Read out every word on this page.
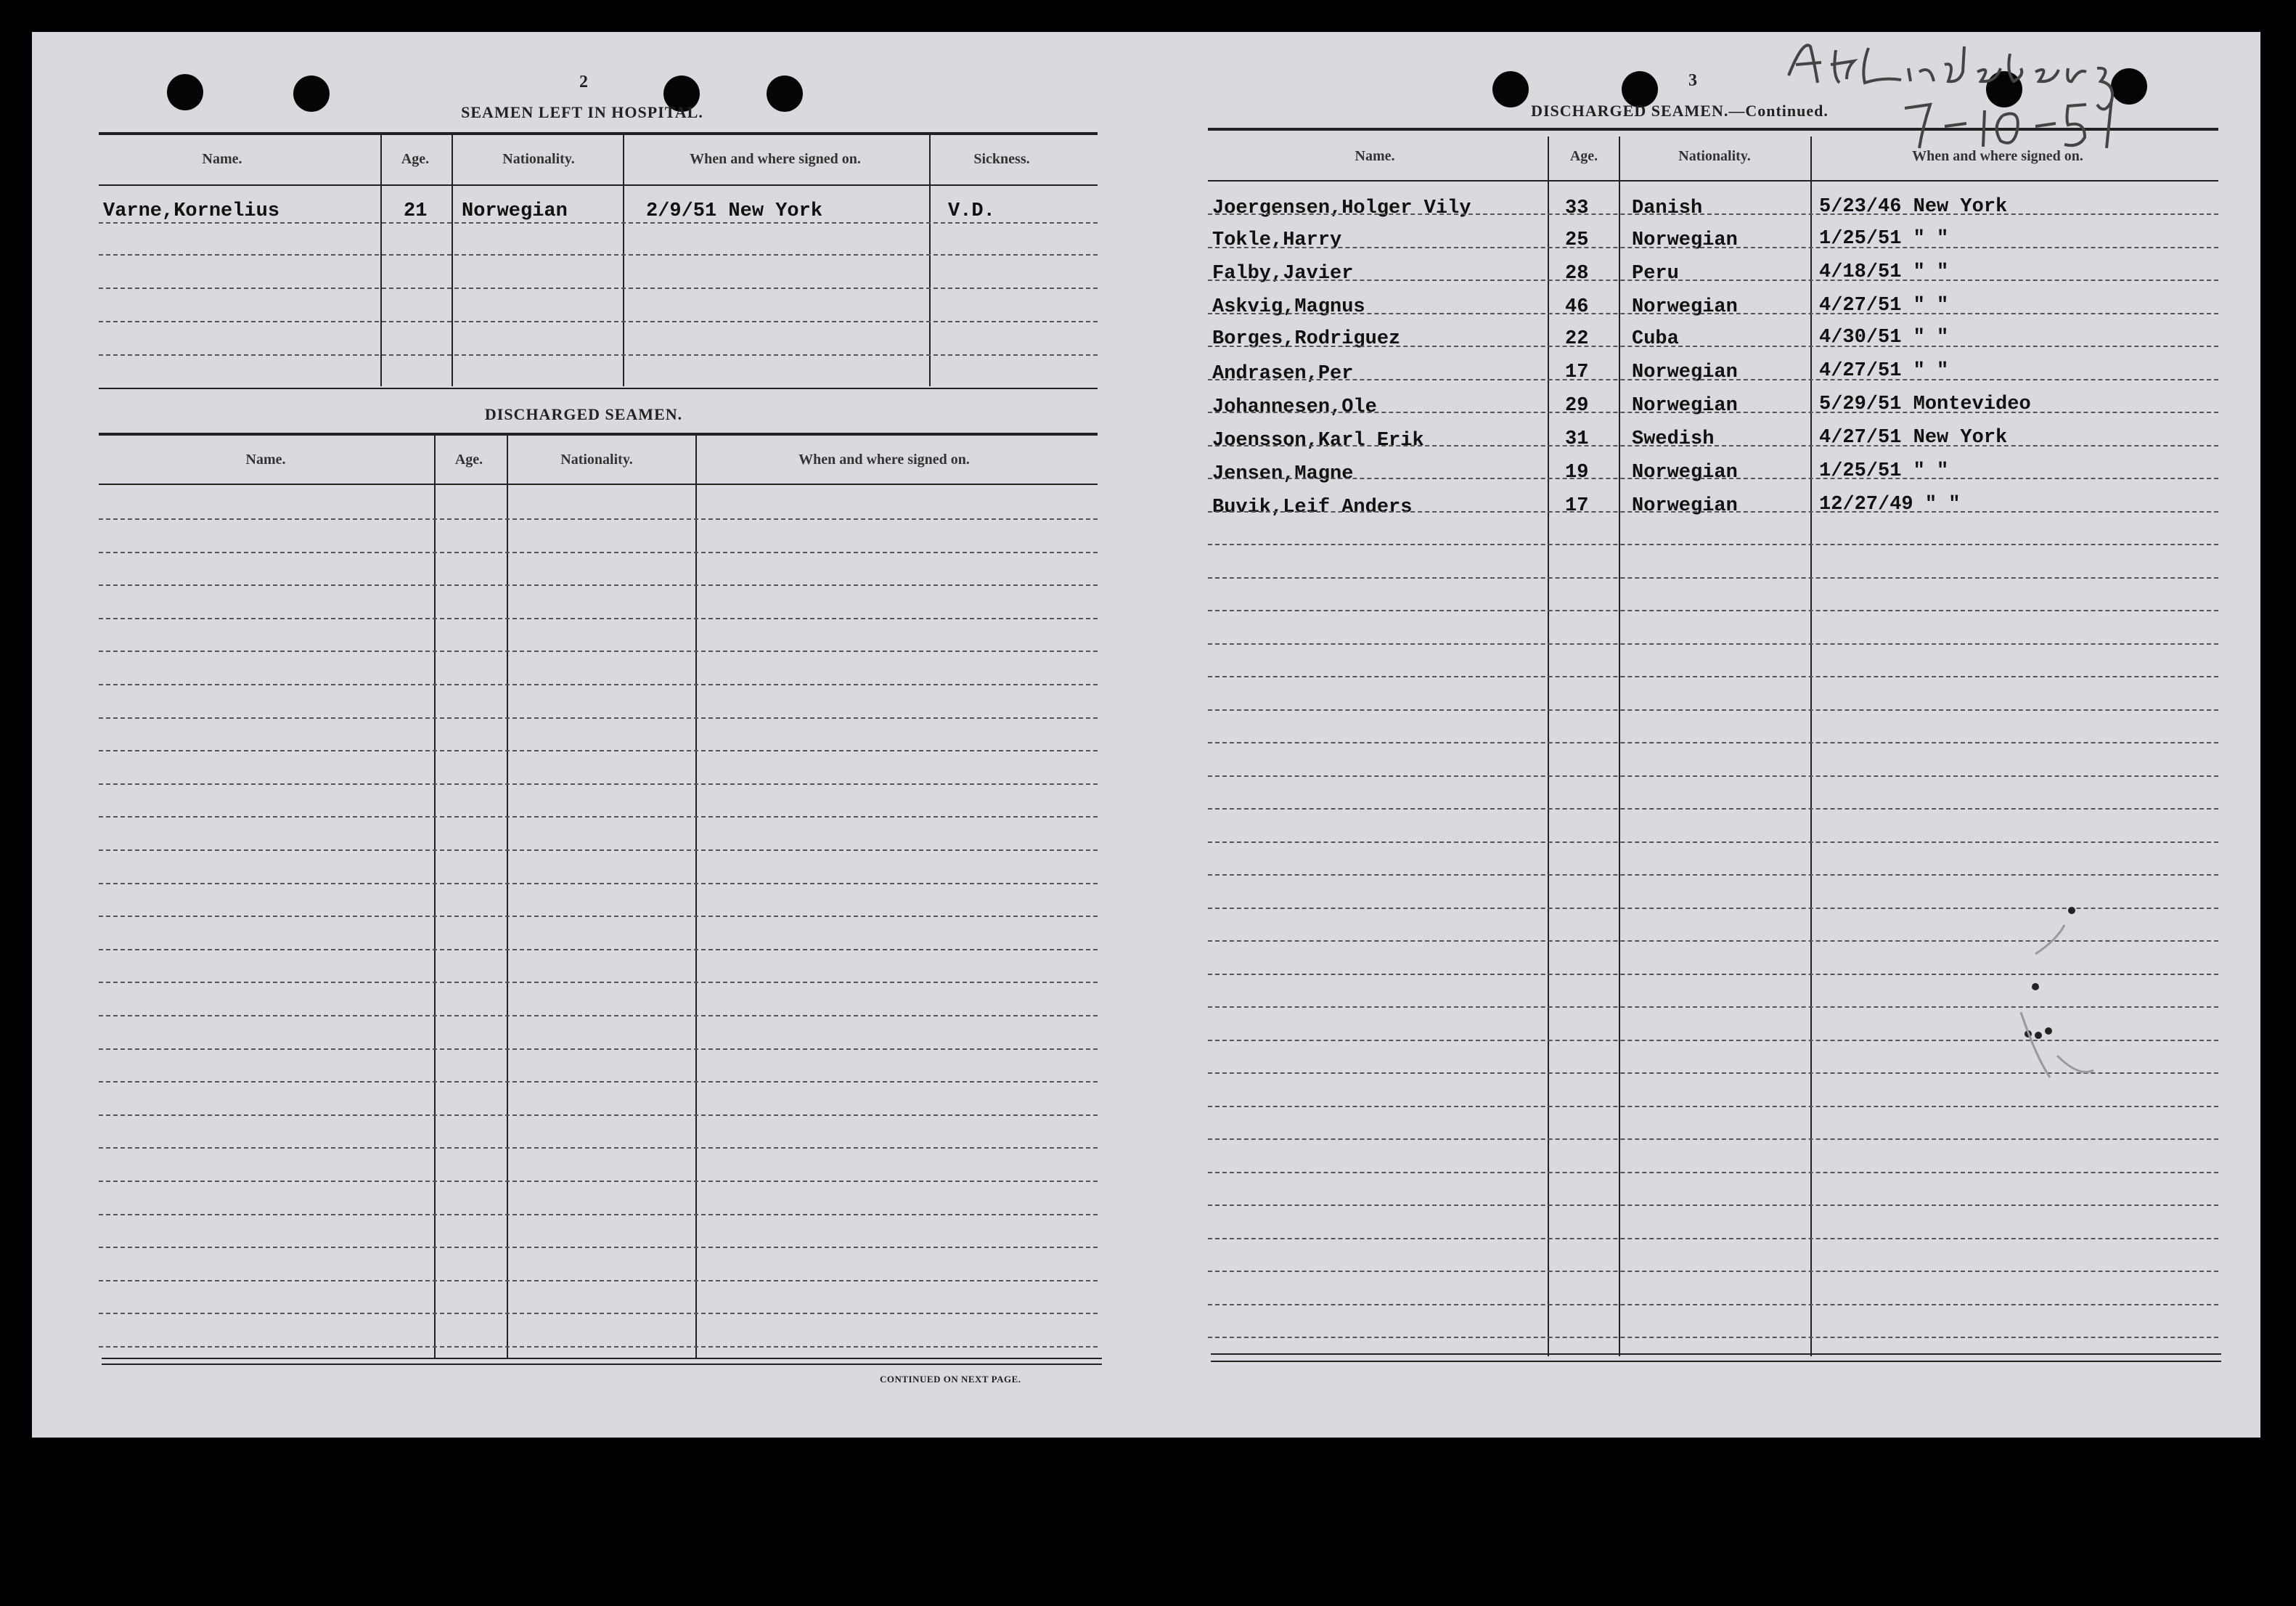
2
SEAMEN LEFT IN HOSPITAL.
Name.	Age.	Nationality.	When and where signed on.	Sickness.
Varne,Kornelius	21 Norwegian	2/9/51 New York	V.D.
DISCHARGED SEAMEN.
Name.	Age.	Nationality.	When and where signed on.
CONTINUED ON NEXT PAGE.
3
DISCHARGED SEAMEN.—Continued.
Name.	Age.	Nationality.	When and where signed on.
Joergensen,Holger Vily	33 Danish	5/23/46 New York
Tokle,Harry	25 Norwegian	1/25/51 " "
Falby,Javier	28 Peru	4/18/51 " "
Askvig,Magnus	46 Norwegian	4/27/51 " "
Borges,Rodriguez	22 Cuba	4/30/51 " "
Andrasen,Per	17 Norwegian	4/27/51 " "
Johannesen,Ole	29 Norwegian	5/29/51 Montevideo
Joensson,Karl Erik	31 Swedish	4/27/51 New York
Jensen,Magne	19 Norwegian	1/25/51 " "
Buvik,Leif Anders	17 Norwegian	12/27/49 " "
